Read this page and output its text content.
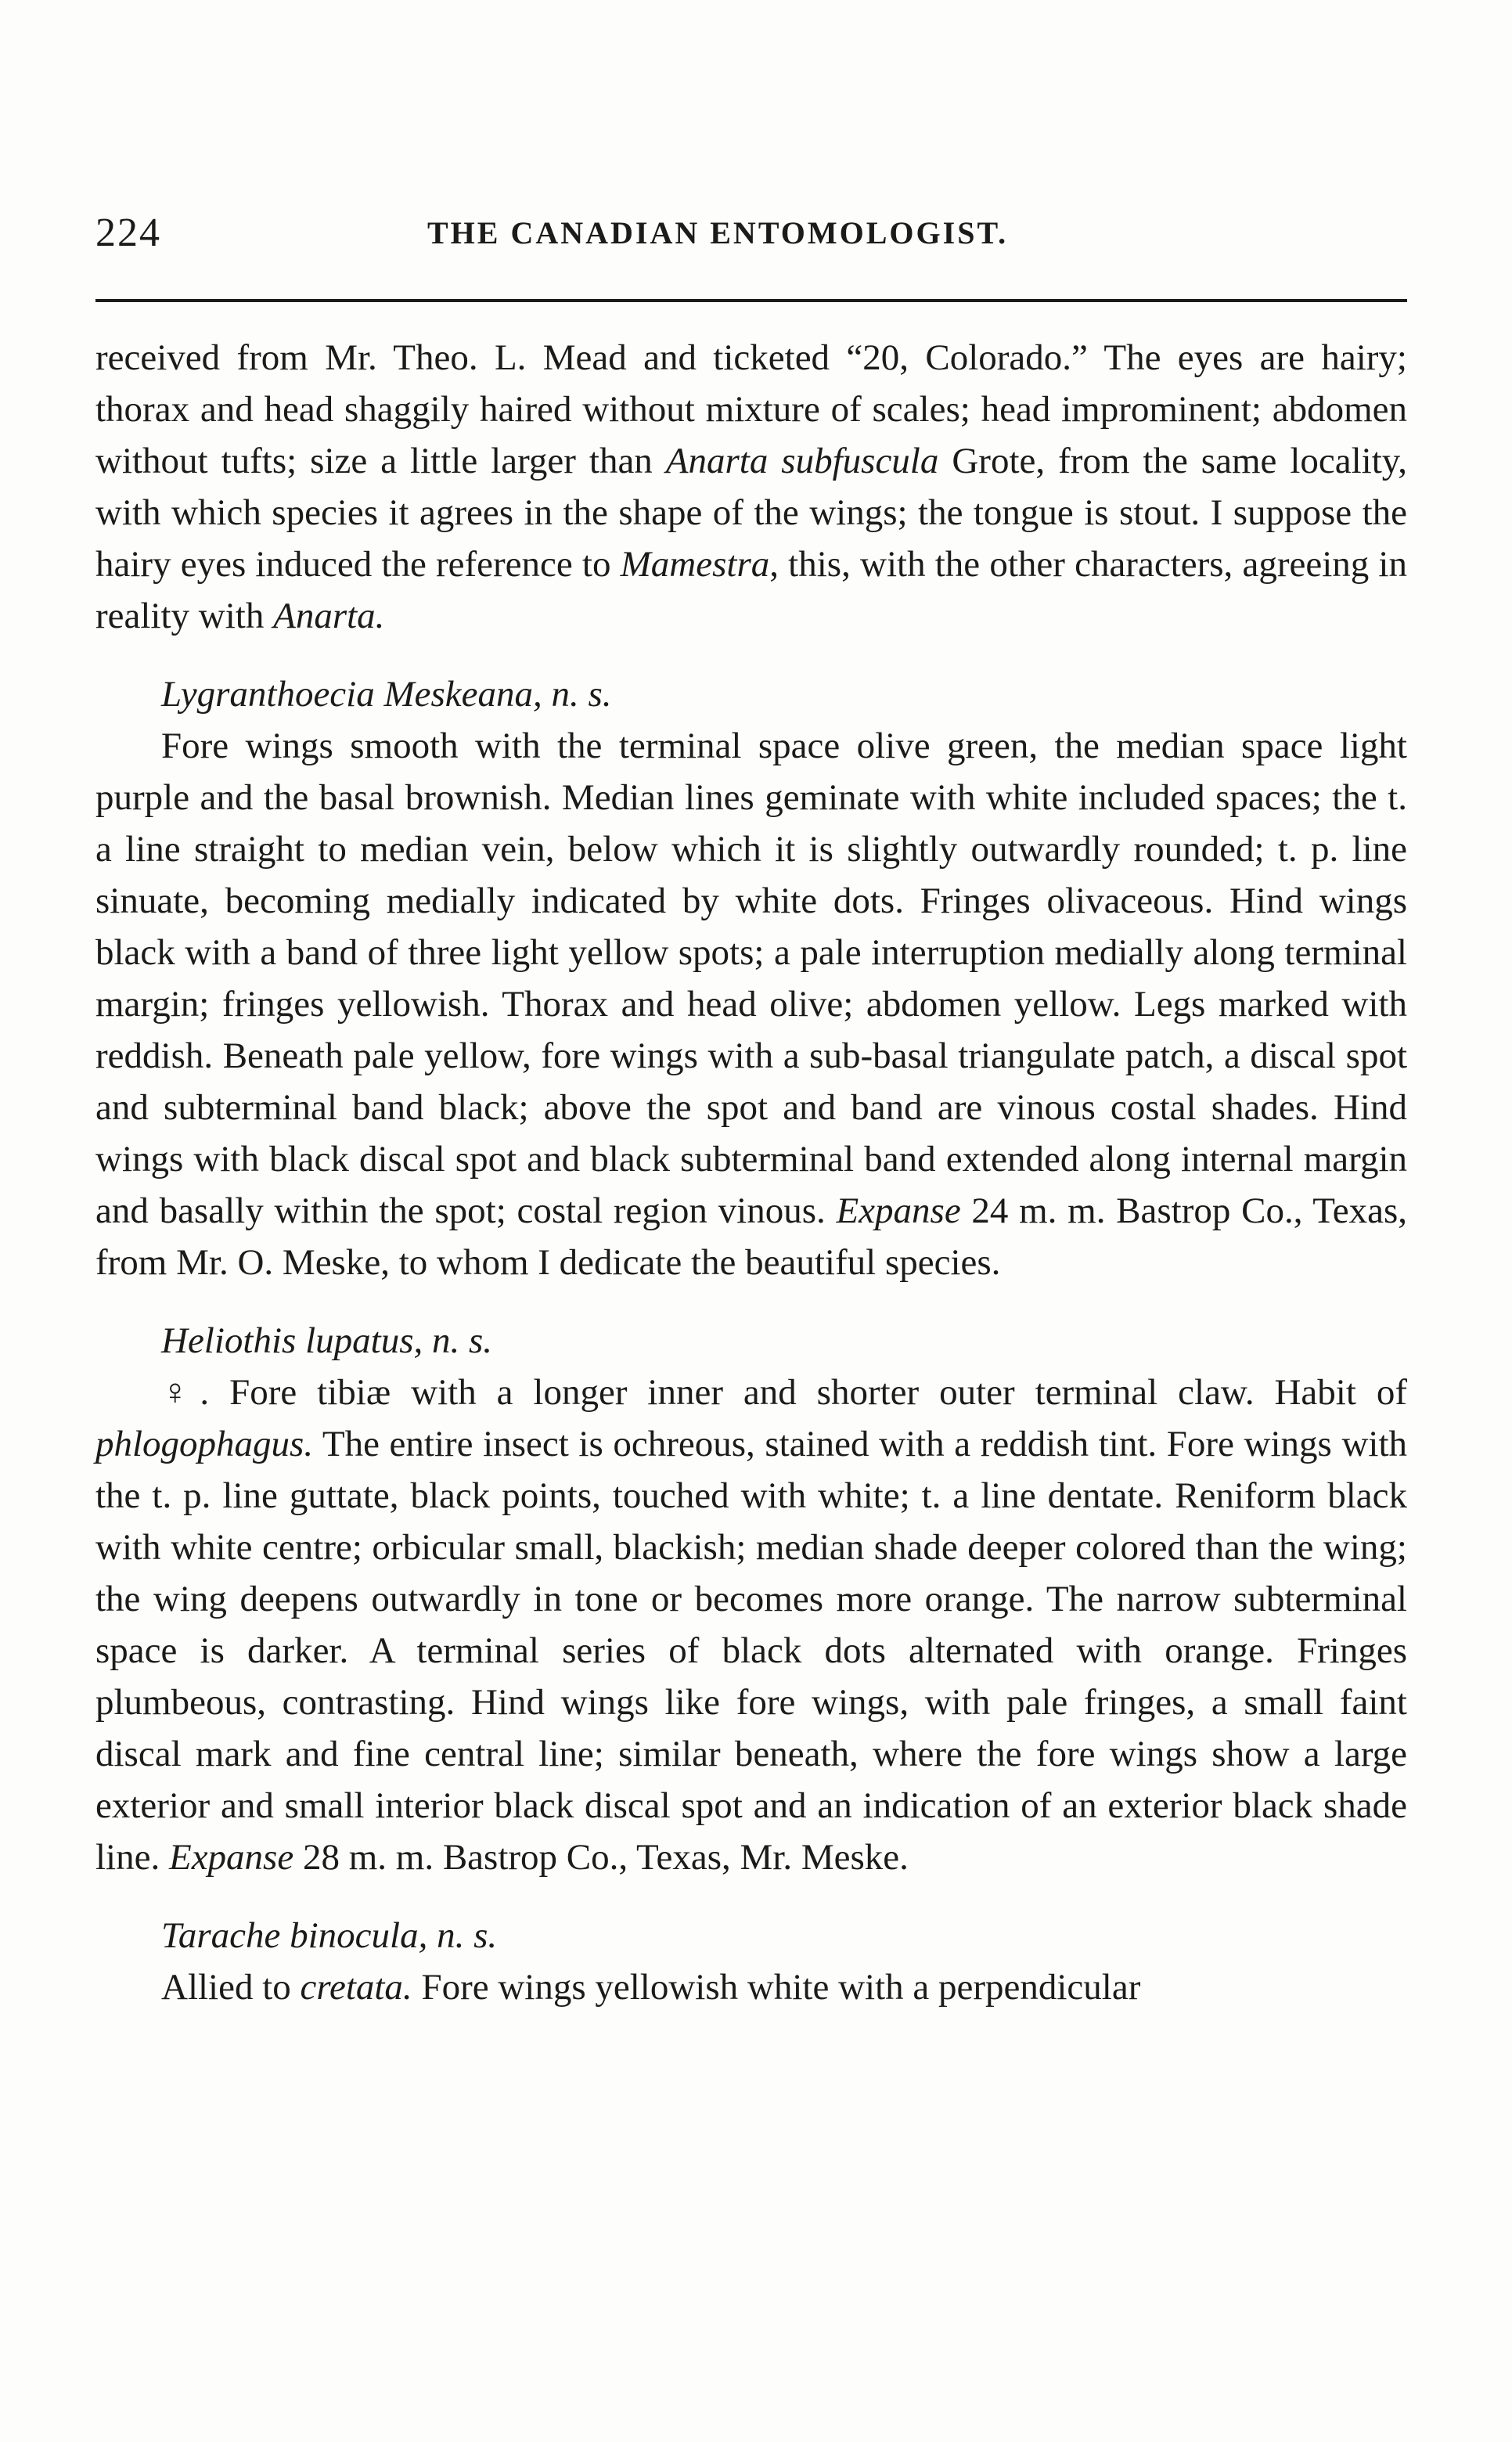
224	THE CANADIAN ENTOMOLOGIST.

received from Mr. Theo. L. Mead and ticketed “20, Colorado.” The eyes are hairy; thorax and head shaggily haired without mixture of scales; head improminent; abdomen without tufts; size a little larger than Anarta subfuscula Grote, from the same locality, with which species it agrees in the shape of the wings; the tongue is stout. I suppose the hairy eyes induced the reference to Mamestra, this, with the other characters, agreeing in reality with Anarta.

Lygranthoecia Meskeana, n. s.

Fore wings smooth with the terminal space olive green, the median space light purple and the basal brownish. Median lines geminate with white included spaces; the t. a line straight to median vein, below which it is slightly outwardly rounded; t. p. line sinuate, becoming medially indicated by white dots. Fringes olivaceous. Hind wings black with a band of three light yellow spots; a pale interruption medially along terminal margin; fringes yellowish. Thorax and head olive; abdomen yellow. Legs marked with reddish. Beneath pale yellow, fore wings with a sub-basal triangulate patch, a discal spot and subterminal band black; above the spot and band are vinous costal shades. Hind wings with black discal spot and black subterminal band extended along internal margin and basally within the spot; costal region vinous. Expanse 24 m. m. Bastrop Co., Texas, from Mr. O. Meske, to whom I dedicate the beautiful species.

Heliothis lupatus, n. s.

♀. Fore tibiæ with a longer inner and shorter outer terminal claw. Habit of phlogophagus. The entire insect is ochreous, stained with a reddish tint. Fore wings with the t. p. line guttate, black points, touched with white; t. a line dentate. Reniform black with white centre; orbicular small, blackish; median shade deeper colored than the wing; the wing deepens outwardly in tone or becomes more orange. The narrow subterminal space is darker. A terminal series of black dots alternated with orange. Fringes plumbeous, contrasting. Hind wings like fore wings, with pale fringes, a small faint discal mark and fine central line; similar beneath, where the fore wings show a large exterior and small interior black discal spot and an indication of an exterior black shade line. Expanse 28 m. m. Bastrop Co., Texas, Mr. Meske.

Tarache binocula, n. s.

Allied to cretata. Fore wings yellowish white with a perpendicular
